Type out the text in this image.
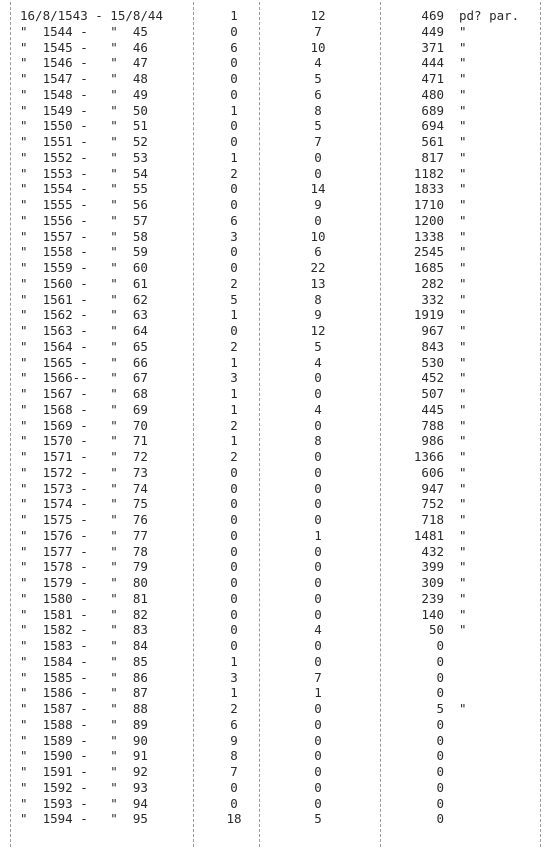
16/8/1543 - 15/8/44	1	12	469 pd? par.
"  1544 -   "  45	0	7	449 "
"  1545 -   "  46	6	10	371 "
"  1546 -   "  47	0	4	444 "
"  1547 -   "  48	0	5	471 "
"  1548 -   "  49	0	6	480 "
"  1549 -   "  50	1	8	689 "
"  1550 -   "  51	0	5	694 "
"  1551 -   "  52	0	7	561 "
"  1552 -   "  53	1	0	817 "
"  1553 -   "  54	2	0	1182 "
"  1554 -   "  55	0	14	1833 "
"  1555 -   "  56	0	9	1710 "
"  1556 -   "  57	6	0	1200 "
"  1557 -   "  58	3	10	1338 "
"  1558 -   "  59	0	6	2545 "
"  1559 -   "  60	0	22	1685 "
"  1560 -   "  61	2	13	282 "
"  1561 -   "  62	5	8	332 "
"  1562 -   "  63	1	9	1919 "
"  1563 -   "  64	0	12	967 "
"  1564 -   "  65	2	5	843 "
"  1565 -   "  66	1	4	530 "
"  1566--   "  67	3	0	452 "
"  1567 -   "  68	1	0	507 "
"  1568 -   "  69	1	4	445 "
"  1569 -   "  70	2	0	788 "
"  1570 -   "  71	1	8	986 "
"  1571 -   "  72	2	0	1366 "
"  1572 -   "  73	0	0	606 "
"  1573 -   "  74	0	0	947 "
"  1574 -   "  75	0	0	752 "
"  1575 -   "  76	0	0	718 "
"  1576 -   "  77	0	1	1481 "
"  1577 -   "  78	0	0	432 "
"  1578 -   "  79	0	0	399 "
"  1579 -   "  80	0	0	309 "
"  1580 -   "  81	0	0	239 "
"  1581 -   "  82	0	0	140 "
"  1582 -   "  83	0	4	50 "
"  1583 -   "  84	0	0	0
"  1584 -   "  85	1	0	0
"  1585 -   "  86	3	7	0
"  1586 -   "  87	1	1	0
"  1587 -   "  88	2	0	5 "
"  1588 -   "  89	6	0	0
"  1589 -   "  90	9	0	0
"  1590 -   "  91	8	0	0
"  1591 -   "  92	7	0	0
"  1592 -   "  93	0	0	0
"  1593 -   "  94	0	0	0
"  1594 -   "  95	18	5	0
